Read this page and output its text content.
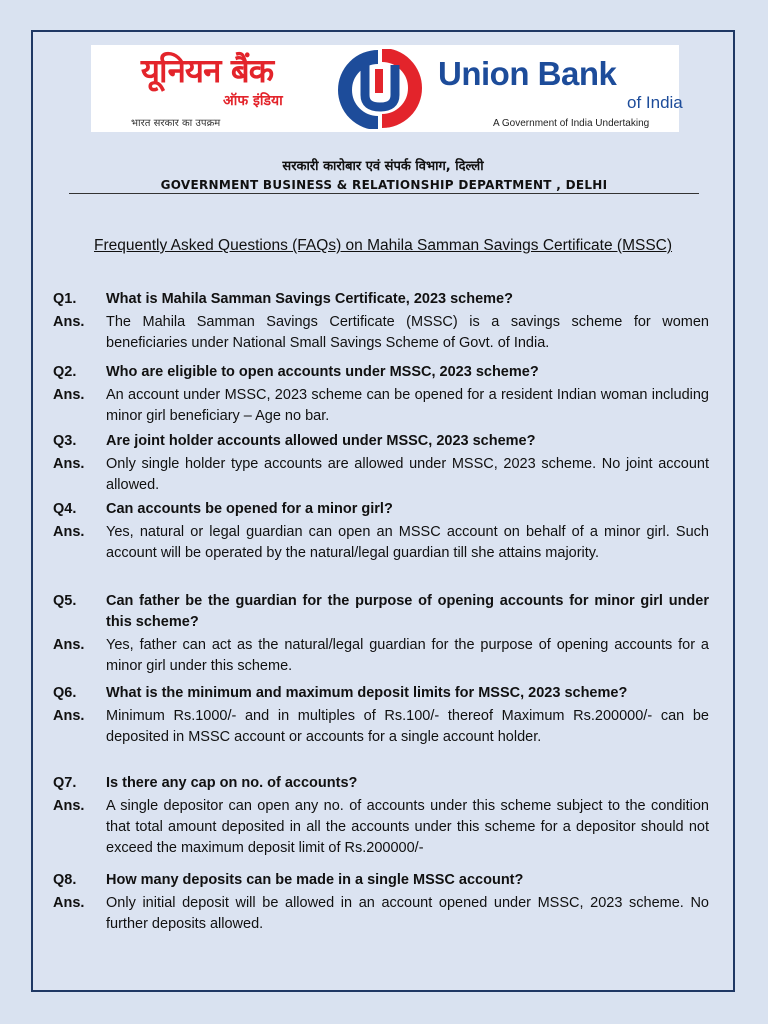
यूनियन बैंक
ऑफ इंडिया
भारत सरकार का उपक्रम
Union Bank
of India
A Government of India Undertaking
सरकारी कारोबार एवं संपर्क विभाग, दिल्ली
GOVERNMENT BUSINESS & RELATIONSHIP DEPARTMENT , DELHI
Frequently Asked Questions (FAQs) on Mahila Samman Savings Certificate (MSSC)
Q1.	What is Mahila Samman Savings Certificate, 2023 scheme?
Ans.	The Mahila Samman Savings Certificate (MSSC) is a savings scheme for women beneficiaries under National Small Savings Scheme of Govt. of India.
Q2.	Who are eligible to open accounts under MSSC, 2023 scheme?
Ans.	An account under MSSC, 2023 scheme can be opened for a resident Indian woman including minor girl beneficiary – Age no bar.
Q3.	Are joint holder accounts allowed under MSSC, 2023 scheme?
Ans.	Only single holder type accounts are allowed under MSSC, 2023 scheme. No joint account allowed.
Q4.	Can accounts be opened for a minor girl?
Ans.	Yes, natural or legal guardian can open an MSSC account on behalf of a minor girl. Such account will be operated by the natural/legal guardian till she attains majority.
Q5.	Can father be the guardian for the purpose of opening accounts for minor girl under this scheme?
Ans.	Yes, father can act as the natural/legal guardian for the purpose of opening accounts for a minor girl under this scheme.
Q6.	What is the minimum and maximum deposit limits for MSSC, 2023 scheme?
Ans.	Minimum Rs.1000/- and in multiples of Rs.100/- thereof Maximum Rs.200000/- can be deposited in MSSC account or accounts for a single account holder.
Q7.	Is there any cap on no. of accounts?
Ans.	A single depositor can open any no. of accounts under this scheme subject to the condition that total amount deposited in all the accounts under this scheme for a depositor should not exceed the maximum deposit limit of Rs.200000/-
Q8.	How many deposits can be made in a single MSSC account?
Ans.	Only initial deposit will be allowed in an account opened under MSSC, 2023 scheme. No further deposits allowed.
